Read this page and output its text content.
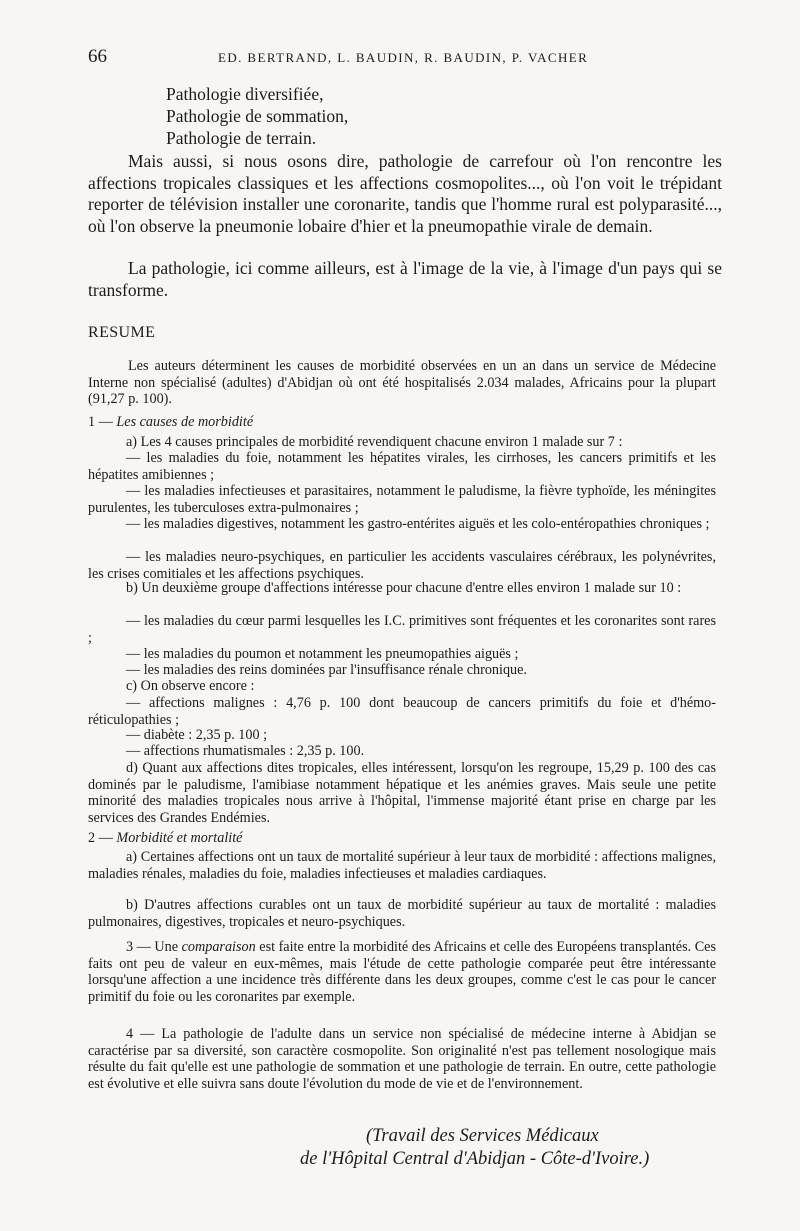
66	ED. BERTRAND, L. BAUDIN, R. BAUDIN, P. VACHER
Pathologie diversifiée,
Pathologie de sommation,
Pathologie de terrain.

Mais aussi, si nous osons dire, pathologie de carrefour où l'on rencontre les affections tropicales classiques et les affections cosmopolites..., où l'on voit le trépidant reporter de télévision installer une coronarite, tandis que l'homme rural est polyparasité..., où l'on observe la pneumonie lobaire d'hier et la pneumopathie virale de demain.

La pathologie, ici comme ailleurs, est à l'image de la vie, à l'image d'un pays qui se transforme.

RESUME

Les auteurs déterminent les causes de morbidité observées en un an dans un service de Médecine Interne non spécialisé (adultes) d'Abidjan où ont été hospitalisés 2.034 malades, Africains pour la plupart (91,27 p. 100).

1 — Les causes de morbidité

a) Les 4 causes principales de morbidité revendiquent chacune environ 1 malade sur 7 :

— les maladies du foie, notamment les hépatites virales, les cirrhoses, les cancers primitifs et les hépatites amibiennes ;

— les maladies infectieuses et parasitaires, notamment le paludisme, la fièvre typhoïde, les méningites purulentes, les tuberculoses extra-pulmonaires ;

— les maladies digestives, notamment les gastro-entérites aiguës et les colo-entéropathies chroniques ;

— les maladies neuro-psychiques, en particulier les accidents vasculaires cérébraux, les polynévrites, les crises comitiales et les affections psychiques.

b) Un deuxième groupe d'affections intéresse pour chacune d'entre elles environ 1 malade sur 10 :

— les maladies du cœur parmi lesquelles les I.C. primitives sont fréquentes et les coronarites sont rares ;

— les maladies du poumon et notamment les pneumopathies aiguës ;

— les maladies des reins dominées par l'insuffisance rénale chronique.

c) On observe encore :

— affections malignes : 4,76 p. 100 dont beaucoup de cancers primitifs du foie et d'hémo-réticulopathies ;

— diabète : 2,35 p. 100 ;

— affections rhumatismales : 2,35 p. 100.

d) Quant aux affections dites tropicales, elles intéressent, lorsqu'on les regroupe, 15,29 p. 100 des cas dominés par le paludisme, l'amibiase notamment hépatique et les anémies graves. Mais seule une petite minorité des maladies tropicales nous arrive à l'hôpital, l'immense majorité étant prise en charge par les services des Grandes Endémies.

2 — Morbidité et mortalité

a) Certaines affections ont un taux de mortalité supérieur à leur taux de morbidité : affections malignes, maladies rénales, maladies du foie, maladies infectieuses et maladies cardiaques.

b) D'autres affections curables ont un taux de morbidité supérieur au taux de mortalité : maladies pulmonaires, digestives, tropicales et neuro-psychiques.

3 — Une comparaison est faite entre la morbidité des Africains et celle des Européens transplantés. Ces faits ont peu de valeur en eux-mêmes, mais l'étude de cette pathologie comparée peut être intéressante lorsqu'une affection a une incidence très différente dans les deux groupes, comme c'est le cas pour le cancer primitif du foie ou les coronarites par exemple.

4 — La pathologie de l'adulte dans un service non spécialisé de médecine interne à Abidjan se caractérise par sa diversité, son caractère cosmopolite. Son originalité n'est pas tellement nosologique mais résulte du fait qu'elle est une pathologie de sommation et une pathologie de terrain. En outre, cette pathologie est évolutive et elle suivra sans doute l'évolution du mode de vie et de l'environnement.

(Travail des Services Médicaux
de l'Hôpital Central d'Abidjan - Côte-d'Ivoire.)
